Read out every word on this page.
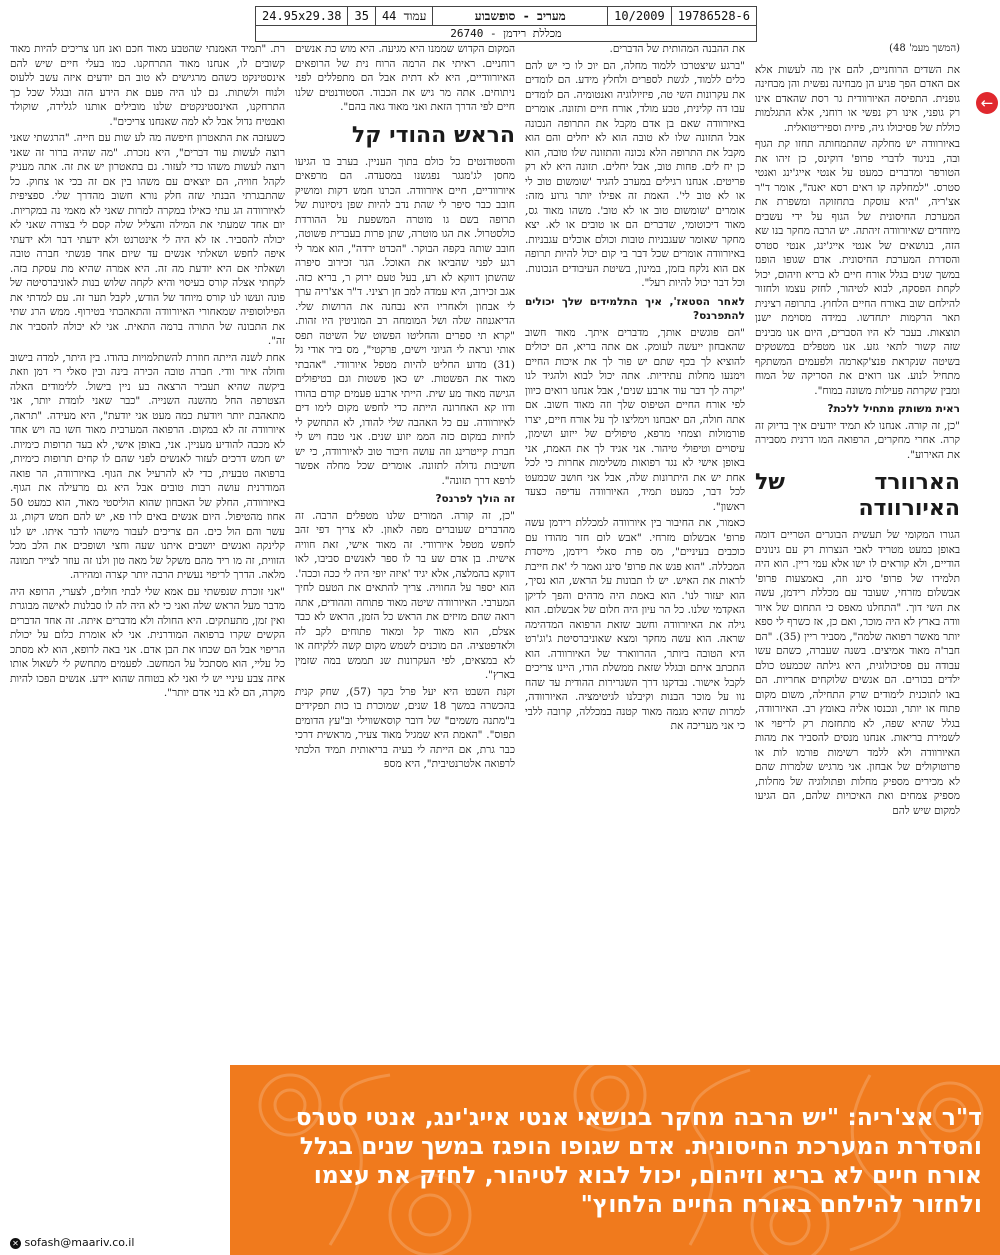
19786528-6
10/2009
מעריב - סופשבוע
עמוד 44
35
24.95x29.38
מכללת רידמן - 26740
←
(המשך מעמ' 48)

את השדים הרוחניים, להם אין מה לעשות אלא אם האדם הפך פגיע הן מבחינה נפשית והן מבחינה גופנית. התפיסה האיורוודית גר רסת שהאדם אינו רק גופני, אינו רק נפשי או רוחני, אלא התגלמות כוללת של פסיכולו גיה, פיזית וספיריטואלית.

באיורוודה יש מחלקה שהתמחותה תחזו קת הגוף ובה, בניגוד לדברי פרופ' דוקינס, כן זיהו את הטורפר ומדברים כמעט על אנטי אייג'ינג ואנטי סטרס. "למחלקה קו ראים רסא יאנה", אומר ד"ר אצ'ריה, "היא עוסקת בתחזוקה ומשפרת את המערכת החיסונית של הגוף על ידי עשבים מיוחדים שאיורוודה זיהתה. יש הרבה מחקר בנו שא הזה, בנושאים של אנטי אייג'ינג, אנטי סטרס והסדרת המערכת החיסונית. אדם שגופו הופגז במשך שנים בגלל אורח חיים לא בריא וזיהום, יכול לקחת הפסקה, לבוא לטיהור, לחזק עצמו ולחזור להילחם שוב באורח החיים הלחוץ. בתרופה רצינית תאר הרקמות יתחדשו. במידה מסוימת ישנן תוצאות. בעבר לא היו הסברים, היום אנו מבינים שזה קשור לתאי גזע. אנו מטפלים במשטקים בשיטה שנקראת פנצ'קארמה ולפעמים המשתקף מתחיל לנוע. אנו רואים את הסריקה של המוח ומבין שקרתה פעילות משונה במוח".

ראית משותק מתחיל ללכת?

"כן, זה קורה. אנחנו לא תמיד יודעים איך בדיוק זה קרה. אחרי מחקרים, הרפואה המו דרנית מסבירה את האירוע".

הארוורד של האיורוודה

הגורו המקומי של תעשית הבוגרים הטריים דומה באופן כמעט מטריד לאבי הנצרות רק עם גינונים הודיים, ולא קוראים לו ישו אלא עמי ריין. הוא היה תלמידו של פרופ' סינג וזה, באמצעות פרופ' אבשלום מזרחי, שעובד עם מכללת רידמן, עשה את השי דוך. "התחלנו מאפס כי התחום של איור וודה בארץ לא היה מוכר, ואם כן, אז כשרף לי ספא יותר מאשר רפואה שלמה", מסביר ריין (35). "הם חבר'ה מאוד אמיצים. בשנה שעברה, כשהם עשו עבודה עם פסיכולוגית, היא גילתה שכמעט כולם ילדים בכורים. הם אנשים שלוקחים אחריות. הם באו לתוכנית לימודים שרק התחילה, משום מקום פתוח או יותר, ונכנסו אליה באומץ רב. האיורוודה, בגלל שהיא שפה, לא מתחזמת רק לריפוי או לשמירת בריאות. אנחנו מנסים להסביר את מהות האיורוודה ולא ללמד רשימות פורמו לות או פרוטוקולים של אבחון. אני מרגיש שלמרות שהם לא מכירים מספיק מחלות ופתולוגיה של מחלות, מספיק צמחים ואת האיכויות שלהם, הם הגיעו למקום שיש להם

את ההבנה המהותית של הדברים.

"ברגע שיצטרכו ללמוד מחלה, הם יוכ לו כי יש להם כלים ללמוד, לגשת לספרים ולחלץ מידע. הם לומדים את עקרונות השי טה, פיזיולוגיה ואנטומיה. הם לומדים עבו דה קלינית, טבע מולד, אורח חיים ותזונה. אומרים באיורוודה שאם בן אדם מקבל את התרופה הנכונה אבל התזונה שלו לא טובה הוא לא יחלים והם הוא מקבל את התרופה הלא נכונה והתזונה שלו טובה, הוא כן יח לים. פחות טוב, אבל יחלים. תזונה היא לא רק פריטים. אנחנו רגילים במערב להגיד 'שומשום טוב לי או לא טוב לי'. האמת זה אפילו יותר גרוע מזה: אומרים 'שומשום טוב או לא טוב'. משהו מאוד גס, מאוד דיכוטומי, שדברים הם או טובים או לא. יצא מחקר שאומר שעגבניות טובות וכולם אוכלים עגבניות. באיורוודה אומרים שכל דבר בי קום יכול להיות תרופה אם הוא נלקח בזמן, במינון, בשיטת העיבודים הנכונות. וכל דבר יכול להיות רעל".

לאחר הסטאז', איך התלמידים שלך יכולים להתפרנס?

"הם פוגשים אותך, מדברים איתך. מאוד חשוב שהאבחון ייעשה לעומק. אם אתה בריא, הם יכולים להוציא לך בכף שתם יש פור לך את איכות החיים וימנעו מחלות עתידיות. אתה יכול לבוא ולהגיד לנו 'יקרה לך דבר עוד ארבע שנים', אבל אנחנו רואים כיוון לפי אורח החיים הטיפוס שלך וזה מאוד חשוב. אם אתה חולה, הם יאבחנו וימליצו לך על אורח חיים, יצרו פורמולות וצמחי מרפא, טיפולים של ייזוע ושימון, עיסויים וטיפולי טיהור. אני אגיד לך את האמת, אני באופן אישי לא נגד רפואות משלימות אחרות כי לכל אחת יש את היתרונות שלה, אבל אני חושב שכמעט לכל דבר, כמעט תמיד, האיורוודה עדיפה כצעד ראשון".

כאמור, את החיבור בין איורוודה למכללת רידמן עשה פרופ' אבשלום מזרחי. "אבש לום חזר מהודו עם כוכבים בעיניים", מס פרת סאלי רידמן, מייסדת המכללה. "הוא פגש את פרופ' סינג ואמר לי 'את חייבת לראות את האיש. יש לו תבונות על הראש, הוא נסיך, הוא יעזור לנו'. הוא באמת היה מדהים והפך לדיקן האקדמי שלנו. כל הר עיון היה חלום של אבשלום. הוא גילה את האיורוודה וחשב שזאת הרפואה המדהימה שראה. הוא עשה מחקר ומצא שאוניברסיטת ג'וג'רט היא הטובה ביותר, ההרווארד של האיורוודה. הוא התכתב איתם ובגלל שזאת ממשלת הודו, היינו צריכים לקבל אישור. נבדקנו דרך השגרירות ההודית עד שהח נוו על מוכר הבנות וקיבלנו לגיטימציה. האיורוודה, למרות שהיא מגמה מאוד קטנה במכללה, קרובה ללבי כי אני מעריכה את

המקום הקדוש שממנו היא מגיעה. היא מוש כת אנשים רוחניים. ראיתי את הרמה הרוח נית של הרופאים האיורוודיים, היא לא דתית אבל הם מתפללים לפני ניתוחים. אתה מר גיש את הכבוד. הסטודנטים שלנו חיים לפי הדרך הזאת ואני מאוד גאה בהם".

הראש ההודי קל

והסטודנטים כל כולם בתוך העניין. בערב בו הגיעו מחסן לג'מגגר נפגשנו במסעדה. הם מרפאים איורוודיים, חיים איורוודה. הכרנו חמש דקות ומושיק חובב כבר סיפר לי שהת נדב להיות שפן ניסיונות של תרופה בשם גו מוטרה המשפעת על ההורדת כולסטרול. את הגו מוטרה, שתן פרות בעברית פשוטה, חובב שותה בקפה הבוקר. "הכדט ירדה", הוא אמר לי רגע לפני שהביאו את האוכל. הגר זכירוב סיפרה שהשתן דווקא לא רע, בעל טעם ירוק ר, בריא כזה. אגב זכירוב, היא עמדה למב חן רציני. ד"ר אצ'ריה ערך לי אבחון ולאחריו היא נבחנה את הרושות שלי. הדיאגנוזה שלה ושל המומחה רב המוניטין היו זהות. "קרא תי ספרים והחליטו הפשוט של השיטה תפס אותי ונראה לי הגיוני וישים, פרקטי", מס ביר אודי גל (31) מדוע החליט להיות מטפל איורוודי. "אהבתי מאוד את הפשטות. יש כאן פשטות וגם בטיפולים הגישה מאוד מע שית. הייתי ארבע פעמים קודם בהודו ודוו קא האחרונה הייתה כדי לחפש מקום לימו דים לאיורוודה. עם כל האהבה שלי להודו, לא התחשק לי לחיות במקום כזה הממ יזוע שנים. אני טבח ויש לי חברת קייטרינג וזה עושה חיבור טוב לאיורוודה, כי יש חשיבות גדולה לתזונה. אומרים שכל מחלה אפשר לרפא דרך תזונה".

זה הולך לפרנס?

"כן, זה קורה. המורים שלנו מטפלים הרבה. זה מהדברים שעוברים מפה לאוזן. לא צריך דפי זהב לחפש מטפל איורוודי. זה מאוד אישי, זאת חוויה אישית. בן אדם שע בר לו ספר לאנשים סביבו, לאו דווקא בהמלצה, אלא יגיד 'איזה יופי היה לי ככה וככה'. הוא יספר על החוויה. צריך להתאים את הטעם לחיך המערבי. האיורוודה שיטה מאוד פתוחה וההודים, אתה רואה שהם מזיזים את הראש כל הזמן, הראש לא כבד אצלם, הוא מאוד קל ומאוד פתוחים לקב לה ולאדפטציה. הם מוכנים לשמש מקום קשה ללקיחה או לא במצאים, לפי העקרונות שנ תממש במה שזמין בארץ".

זקנת השבט היא יעל פרל בקר (57), שחק קנית בהכשרה במשך 18 שנים, שמוכרת בו כות תפקידים ב"מתנה משמים" של דובר קוסאשווילי וב"עץ הדומים תפוס". "האמת היא שמגיל מאוד צעיר, מראשית דרכי כבר גרת, אם הייתה לי בעיה בריאותית תמיד הלכתי לרפואה אלטרנטיבית", היא מספ

רת. "תמיד האמנתי שהטבע מאוד חכם ואנ חנו צריכים להיות מאוד קשובים לו, אנחנו מאוד התרחקנו. כמו בעלי חיים שיש להם אינסטינקט כשהם מרגישים לא טוב הם יודעים איזה עשב ללעוס ולנוח ולשתות. גם לנו היה פעם את הידע הזה ובגלל שכל כך התרחקנו, האינסטינקטים שלנו מובילים אותנו לגלידה, שוקולד ואבטיח גדול אבל לא למה שאנחנו צריכים".

כשעזבה את התאטרון חיפשה מה לע שות עם חייה. "הרגשתי שאני רוצה לעשות עוד דברים", היא נזכרת. "מה שהיה ברור זה שאני רוצה לעשות משהו כדי לעזור. גם בתאטרון יש את זה. אתה מעניק לקהל חוויה, הם יוצאים עם משהו בין אם זה בכי או צחוק. כל שהתבגרתי הבנתי שזה חלק נורא חשוב מהדרך שלי. ספציפית לאיורוודה הג עתי כאילו במקרה למרות שאני לא מאמי נה במקריות. יום אחד שמעתי את המילה והצליל שלה קסם לי בצורה שאני לא יכולה להסביר. אז לא היה לי אינטרנט ולא ידעתי דבר ולא ידעתי איפה לחפש ושאלתי אנשים עד שיום אחד פגשתי חברה טובה ושאלתי אם היא יודעת מה זה. היא אמרה שהיא מת עסקת בזה. לקחתי אצלה קורס בעיסוי והיא לקחה שלוש בנות לאוניברסיטה של פונה ועשו לנו קורס מיוחד של הודש, לקבל תער זה. עם למדתי את הפילוסופיה שמאחורי האיורוודה והתאהבתי בטירוף. ממש הרג שתי את התבונה של התורה ברמה התאית. אני לא יכולה להסביר את זה".

אחת לשנה הייתה חוזרת להשתלמויות בהודו. בין היתר, למדה בישוב וחולה איור וודי. חברה טובה הכירה בינה ובין סאלי רי דמן וזאת ביקשה שהיא תעביר הרצאה בע ניין בישול. ללימודים האלה הצטרפה החל מהשנה השנייה. "כבר שאני לומדת יותר, אני מתאהבת יותר ויודעת כמה מעט אני יודעת", היא מעידה. "תראה, איורוודה זה לא במקום. הרפואה המערבית מאוד חשו בה ויש אחד לא מכבה להודיע מעניין. אני, באופן אישי, לא בעד תרופות כימיות. יש חמש דרכים לעזור לאנשים לפני שהם לו קחים תרופות כימיות, ברפואה טבעית, כדי לא להרעיל את הגוף. באיורוודה, הר פואה המודרנית עושה רבות טובים אבל היא גם מרעילה את הגוף. באיורוודה, החלק של האבחון שהוא הוליסטי מאוד, הוא כמעט 50 אחוז מהטיפול. היום אנשים באים לרו פא, יש להם חמש דקות, גג עשר והם הול כים. הם צריכים לעבור מישהו לדבר איתו. יש לנו קלינקה ואנשים יושבים איתנו שעה וחצי ושופכים את הלב מכל הזווית, זה מו ריד מהם משקל של מאה טון ולנו זה עוזר לצייר תמונה מלאה. הדרך לריפוי נעשית הרבה יותר קצרה ומהירה.

"אני זוכרת שנפשתי עם אמא שלי לבתי חולים, לצערי, הרופא היה מדבר מעל הראש שלה ואני כי לא היה לה לו סבלנות לאישה מבוגרת ואין זמן, מתעתקים. היא החולה ולא מדברים איתה. זה אחד הדברים הקשים שקרו ברפואה המודרנית. אני לא אומרת כלום על יכולת הריפוי אבל הם שכחו את הבן אדם. אני באה לרופא, הוא לא מסתכ כל עליי, הוא מסתכל על המחשב. לפעמים מתחשק לי לשאול אותו איזה צבע עיניי יש לי ואני לא בטוחה שהוא יידע. אנשים הפכו להיות מקרה, הם לא בני אדם יותר".

ד"ר אצ'ריה: "יש הרבה מחקר בנושאי אנטי אייג'ינג, אנטי סטרס והסדרת המערכת החיסונית. אדם שגופו הופגז במשך שנים בגלל אורח חיים לא בריא וזיהום, יכול לבוא לטיהור, לחזק את עצמו ולחזור להילחם באורח החיים הלחוץ"
✕ sofash@maariv.co.il
